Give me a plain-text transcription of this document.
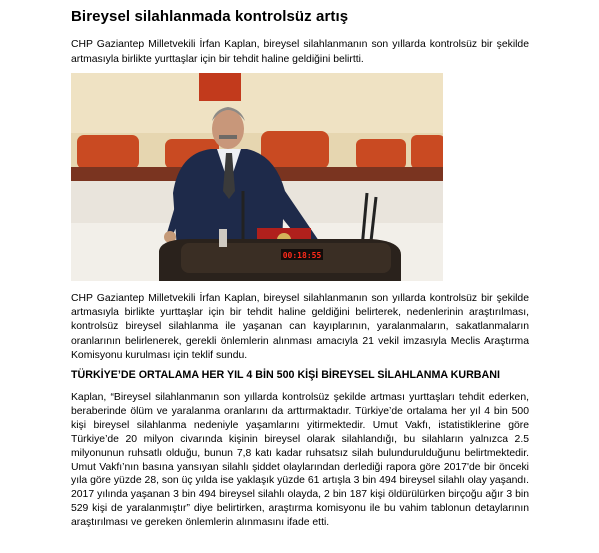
Bireysel silahlanmada kontrolsüz artış

CHP Gaziantep Milletvekili İrfan Kaplan, bireysel silahlanmanın son yıllarda kontrolsüz bir şekilde artmasıyla birlikte yurttaşlar için bir tehdit haline geldiğini belirtti.

00:18:55

CHP Gaziantep Milletvekili İrfan Kaplan, bireysel silahlanmanın son yıllarda kontrolsüz bir şekilde artmasıyla birlikte yurttaşlar için bir tehdit haline geldiğini belirterek, nedenlerinin araştırılması, kontrolsüz bireysel silahlanma ile yaşanan can kayıplarının, yaralanmaların, sakatlanmaların oranlarının belirlenerek, gerekli önlemlerin alınması amacıyla 21 vekil imzasıyla Meclis Araştırma Komisyonu kurulması için teklif sundu.

TÜRKİYE’DE ORTALAMA HER YIL 4 BİN 500 KİŞİ BİREYSEL SİLAHLANMA KURBANI

Kaplan, “Bireysel silahlanmanın son yıllarda kontrolsüz şekilde artması yurttaşları tehdit ederken, beraberinde ölüm ve yaralanma oranlarını da arttırmaktadır. Türkiye’de ortalama her yıl 4 bin 500 kişi bireysel silahlanma nedeniyle yaşamlarını yitirmektedir. Umut Vakfı, istatistiklerine göre Türkiye’de 20 milyon civarında kişinin bireysel olarak silahlandığı, bu silahların yalnızca 2.5 milyonunun ruhsatlı olduğu, bunun 7,8 katı kadar ruhsatsız silah bulundurulduğunu belirtmektedir. Umut Vakfı’nın basına yansıyan silahlı şiddet olaylarından derlediği rapora göre 2017'de bir önceki yıla göre yüzde 28, son üç yılda ise yaklaşık yüzde 61 artışla 3 bin 494 bireysel silahlı olay yaşandı. 2017 yılında yaşanan 3 bin 494 bireysel silahlı olayda, 2 bin 187 kişi öldürülürken birçoğu ağır 3 bin 529 kişi de yaralanmıştır” diye belirtirken, araştırma komisyonu ile bu vahim tablonun detaylarının araştırılması ve gereken önlemlerin alınmasını ifade etti.
